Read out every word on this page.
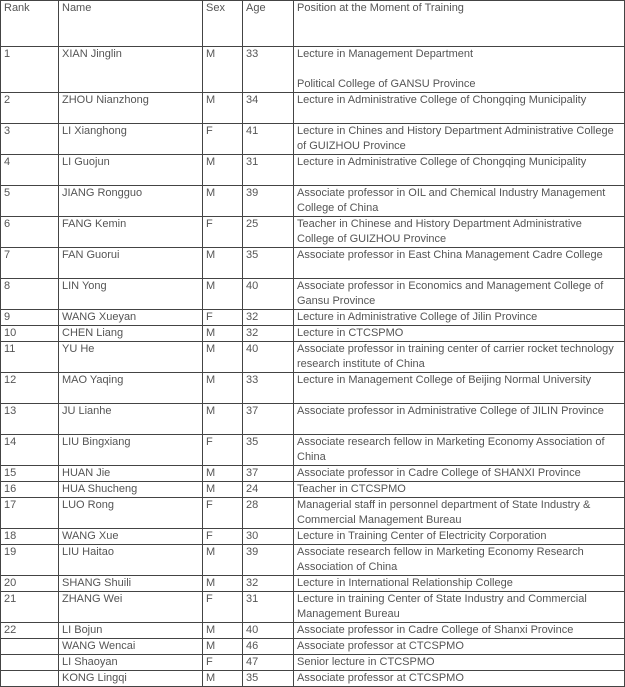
Rank	Name	Sex	Age	Position at the Moment of Training
1	XIAN Jinglin	M	33	Lecture in Management Department
Political College of GANSU Province

2	ZHOU Nianzhong	M	34	Lecture in Administrative College of Chongqing Municipality

3	LI Xianghong	F	41	Lecture in Chines and History Department Administrative College of GUIZHOU Province

4	LI Guojun	M	31	Lecture in Administrative College of Chongqing Municipality

5	JIANG Rongguo	M	39	Associate professor in OIL and Chemical Industry Management College of China

6	FANG Kemin	F	25	Teacher in Chinese and History Department Administrative College of GUIZHOU Province

7	FAN Guorui	M	35	Associate professor in East China Management Cadre College

8	LIN Yong	M	40	Associate professor in Economics and Management College of Gansu Province

9	WANG Xueyan	F	32	Lecture in Administrative College of Jilin Province

10	CHEN Liang	M	32	Lecture in CTCSPMO

11	YU He	M	40	Associate professor in training center of carrier rocket technology research institute of China

12	MAO Yaqing	M	33	Lecture in Management College of Beijing Normal University

13	JU Lianhe	M	37	Associate professor in Administrative College of JILIN Province

14	LIU Bingxiang	F	35	Associate research fellow in Marketing Economy Association of China

15	HUAN Jie	M	37	Associate professor in Cadre College of SHANXI Province

16	HUA Shucheng	M	24	Teacher in CTCSPMO

17	LUO Rong	F	28	Managerial staff in personnel department of State Industry & Commercial Management Bureau

18	WANG Xue	F	30	Lecture in Training Center of Electricity Corporation

19	LIU Haitao	M	39	Associate research fellow in Marketing Economy Research Association of China

20	SHANG Shuili	M	32	Lecture in International Relationship College

21	ZHANG Wei	F	31	Lecture in training Center of State Industry and Commercial Management Bureau

22	LI Bojun	M	40	Associate professor in Cadre College of Shanxi Province

	WANG Wencai	M	46	Associate professor at CTCSPMO

	LI Shaoyan	F	47	Senior lecture in CTCSPMO

	KONG Lingqi	M	35	Associate professor at CTCSPMO
